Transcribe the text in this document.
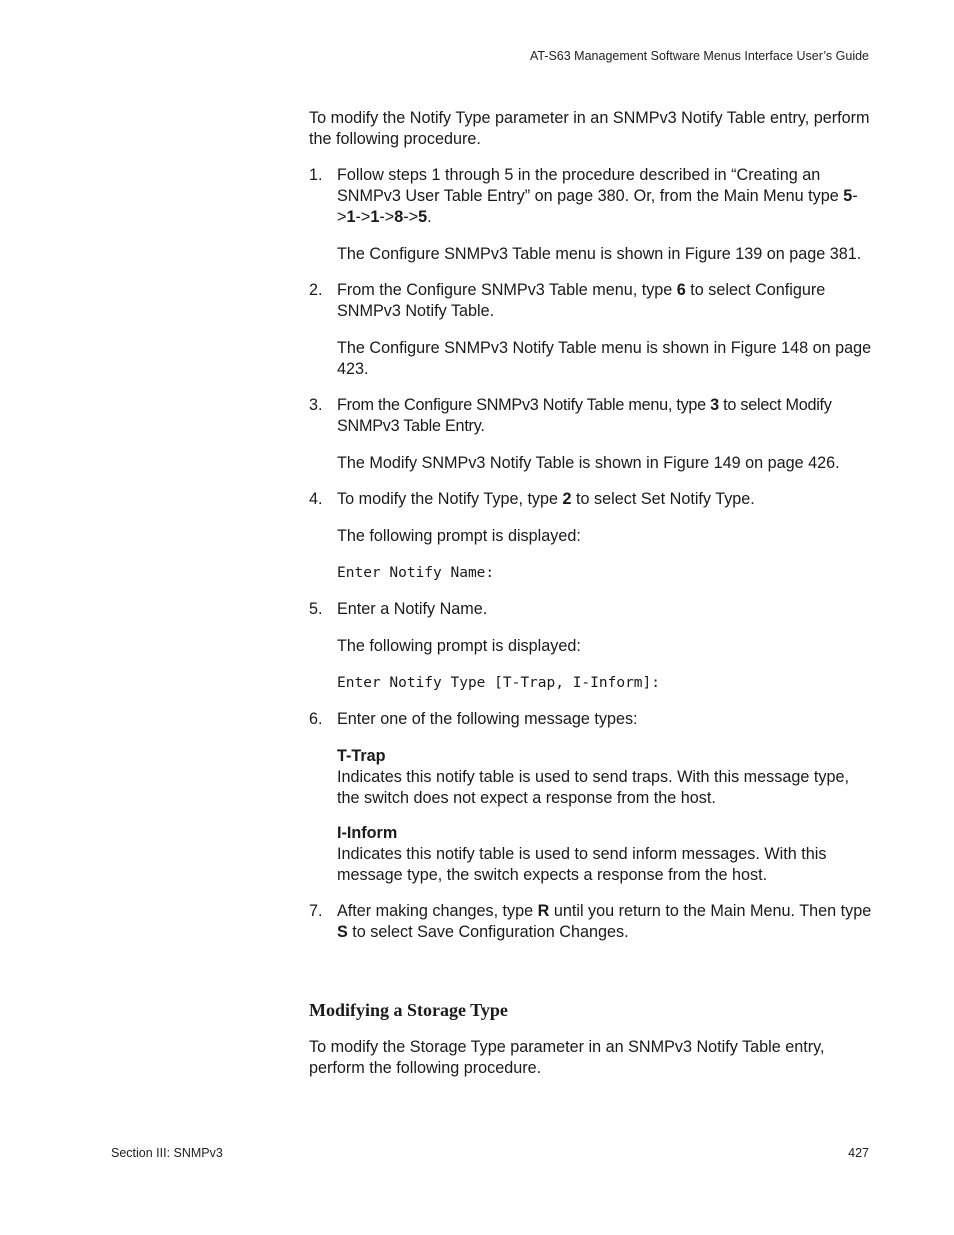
AT-S63 Management Software Menus Interface User’s Guide

To modify the Notify Type parameter in an SNMPv3 Notify Table entry, perform the following procedure.

1. Follow steps 1 through 5 in the procedure described in “Creating an SNMPv3 User Table Entry” on page 380. Or, from the Main Menu type 5->1->1->8->5.

The Configure SNMPv3 Table menu is shown in Figure 139 on page 381.

2. From the Configure SNMPv3 Table menu, type 6 to select Configure SNMPv3 Notify Table.

The Configure SNMPv3 Notify Table menu is shown in Figure 148 on page 423.

3. From the Configure SNMPv3 Notify Table menu, type 3 to select Modify SNMPv3 Table Entry.

The Modify SNMPv3 Notify Table is shown in Figure 149 on page 426.

4. To modify the Notify Type, type 2 to select Set Notify Type.

The following prompt is displayed:

Enter Notify Name:
5. Enter a Notify Name.

The following prompt is displayed:

Enter Notify Type [T-Trap, I-Inform]:
6. Enter one of the following message types:

T-Trap
Indicates this notify table is used to send traps. With this message type, the switch does not expect a response from the host.
I-Inform
Indicates this notify table is used to send inform messages. With this message type, the switch expects a response from the host.
7. After making changes, type R until you return to the Main Menu. Then type S to select Save Configuration Changes.

Modifying a Storage Type

To modify the Storage Type parameter in an SNMPv3 Notify Table entry, perform the following procedure.

Section III: SNMPv3	427
